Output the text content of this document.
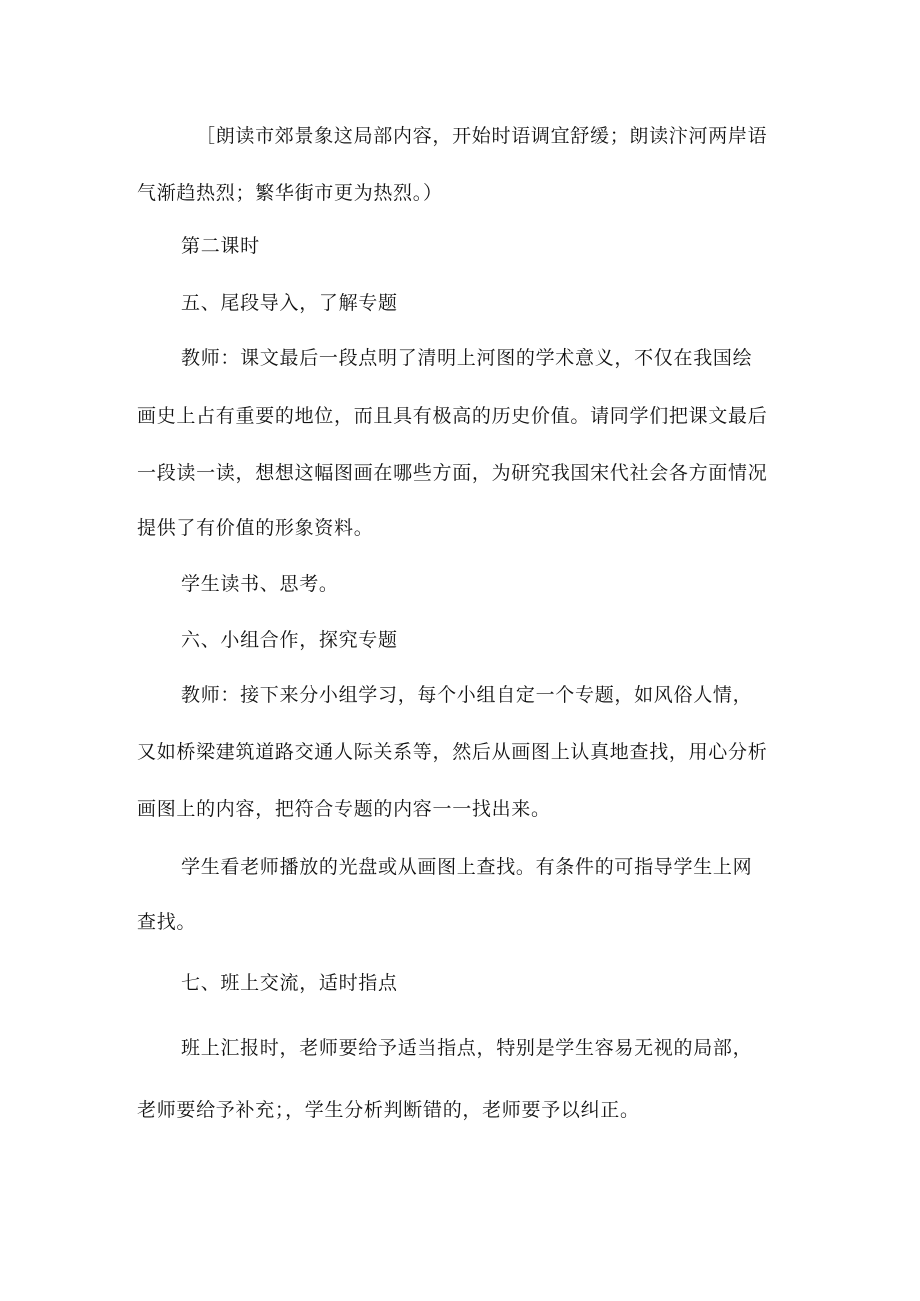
［朗读市郊景象这局部内容，开始时语调宜舒缓；朗读汴河两岸语
气渐趋热烈；繁华街市更为热烈。）
第二课时
五、尾段导入，了解专题
教师：课文最后一段点明了清明上河图的学术意义，不仅在我国绘
画史上占有重要的地位，而且具有极高的历史价值。请同学们把课文最后
一段读一读，想想这幅图画在哪些方面，为研究我国宋代社会各方面情况
提供了有价值的形象资料。
学生读书、思考。
六、小组合作，探究专题
教师：接下来分小组学习，每个小组自定一个专题，如风俗人情，
又如桥梁建筑道路交通人际关系等，然后从画图上认真地查找，用心分析
画图上的内容，把符合专题的内容一一找出来。
学生看老师播放的光盘或从画图上查找。有条件的可指导学生上网
查找。
七、班上交流，适时指点
班上汇报时，老师要给予适当指点，特别是学生容易无视的局部，
老师要给予补充；，学生分析判断错的，老师要予以纠正。
